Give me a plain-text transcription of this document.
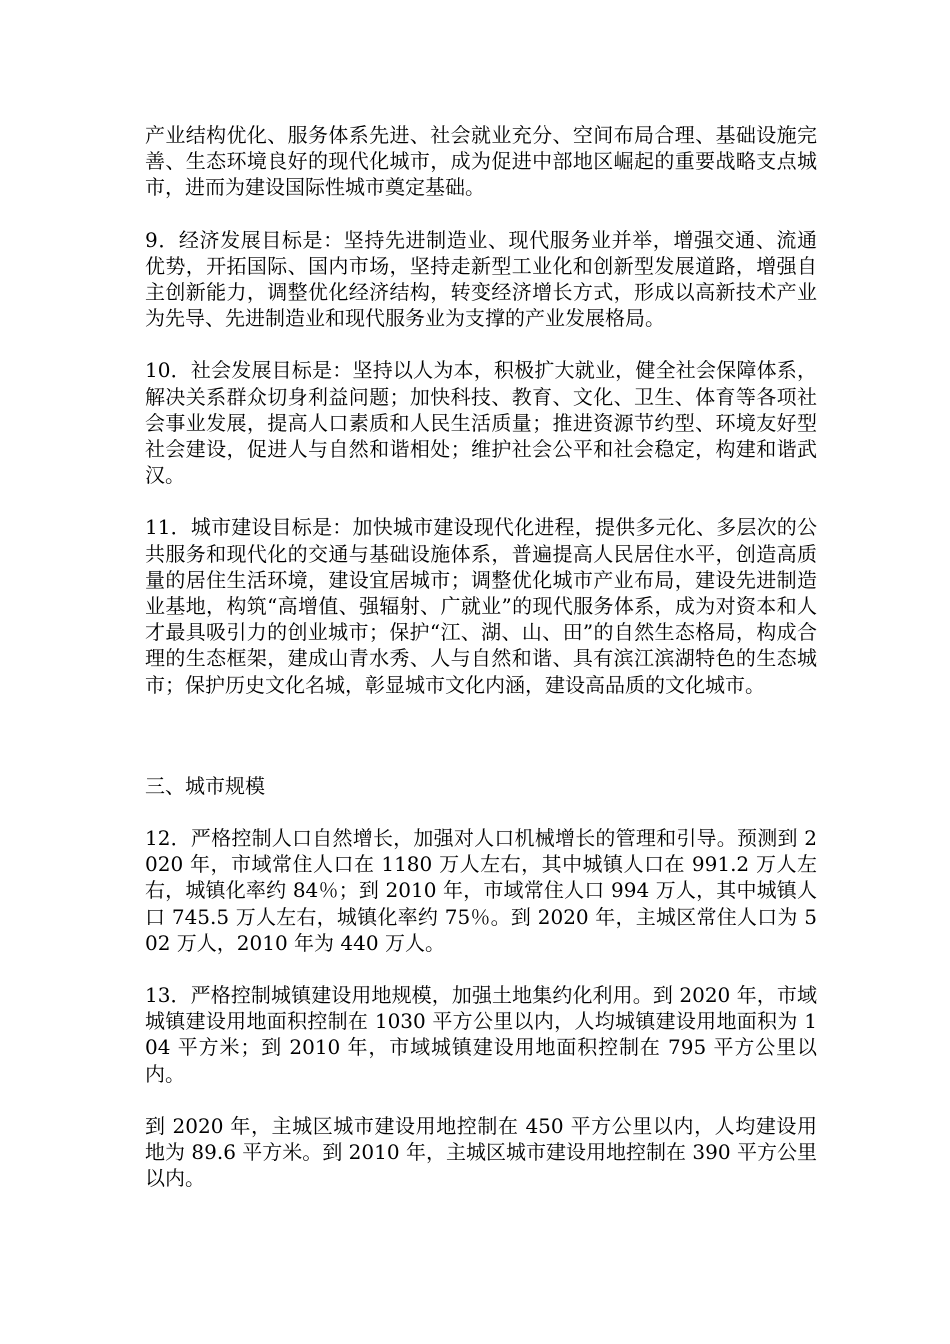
产业结构优化、服务体系先进、社会就业充分、空间布局合理、基础设施完善、生态环境良好的现代化城市，成为促进中部地区崛起的重要战略支点城市，进而为建设国际性城市奠定基础。

9．经济发展目标是：坚持先进制造业、现代服务业并举，增强交通、流通优势，开拓国际、国内市场，坚持走新型工业化和创新型发展道路，增强自主创新能力，调整优化经济结构，转变经济增长方式，形成以高新技术产业为先导、先进制造业和现代服务业为支撑的产业发展格局。

10．社会发展目标是：坚持以人为本，积极扩大就业，健全社会保障体系，解决关系群众切身利益问题；加快科技、教育、文化、卫生、体育等各项社会事业发展，提高人口素质和人民生活质量；推进资源节约型、环境友好型社会建设，促进人与自然和谐相处；维护社会公平和社会稳定，构建和谐武汉。

11．城市建设目标是：加快城市建设现代化进程，提供多元化、多层次的公共服务和现代化的交通与基础设施体系，普遍提高人民居住水平，创造高质量的居住生活环境，建设宜居城市；调整优化城市产业布局，建设先进制造业基地，构筑“高增值、强辐射、广就业”的现代服务体系，成为对资本和人才最具吸引力的创业城市；保护“江、湖、山、田”的自然生态格局，构成合理的生态框架，建成山青水秀、人与自然和谐、具有滨江滨湖特色的生态城市；保护历史文化名城，彰显城市文化内涵，建设高品质的文化城市。

三、城市规模

12．严格控制人口自然增长，加强对人口机械增长的管理和引导。预测到 2020 年，市域常住人口在 1180 万人左右，其中城镇人口在 991.2 万人左右，城镇化率约 84％；到 2010 年，市域常住人口 994 万人，其中城镇人口 745.5 万人左右，城镇化率约 75％。到 2020 年，主城区常住人口为 502 万人，2010 年为 440 万人。

13．严格控制城镇建设用地规模，加强土地集约化利用。到 2020 年，市域城镇建设用地面积控制在 1030 平方公里以内，人均城镇建设用地面积为 104 平方米；到 2010 年，市域城镇建设用地面积控制在 795 平方公里以内。

到 2020 年，主城区城市建设用地控制在 450 平方公里以内，人均建设用地为 89.6 平方米。到 2010 年，主城区城市建设用地控制在 390 平方公里以内。
